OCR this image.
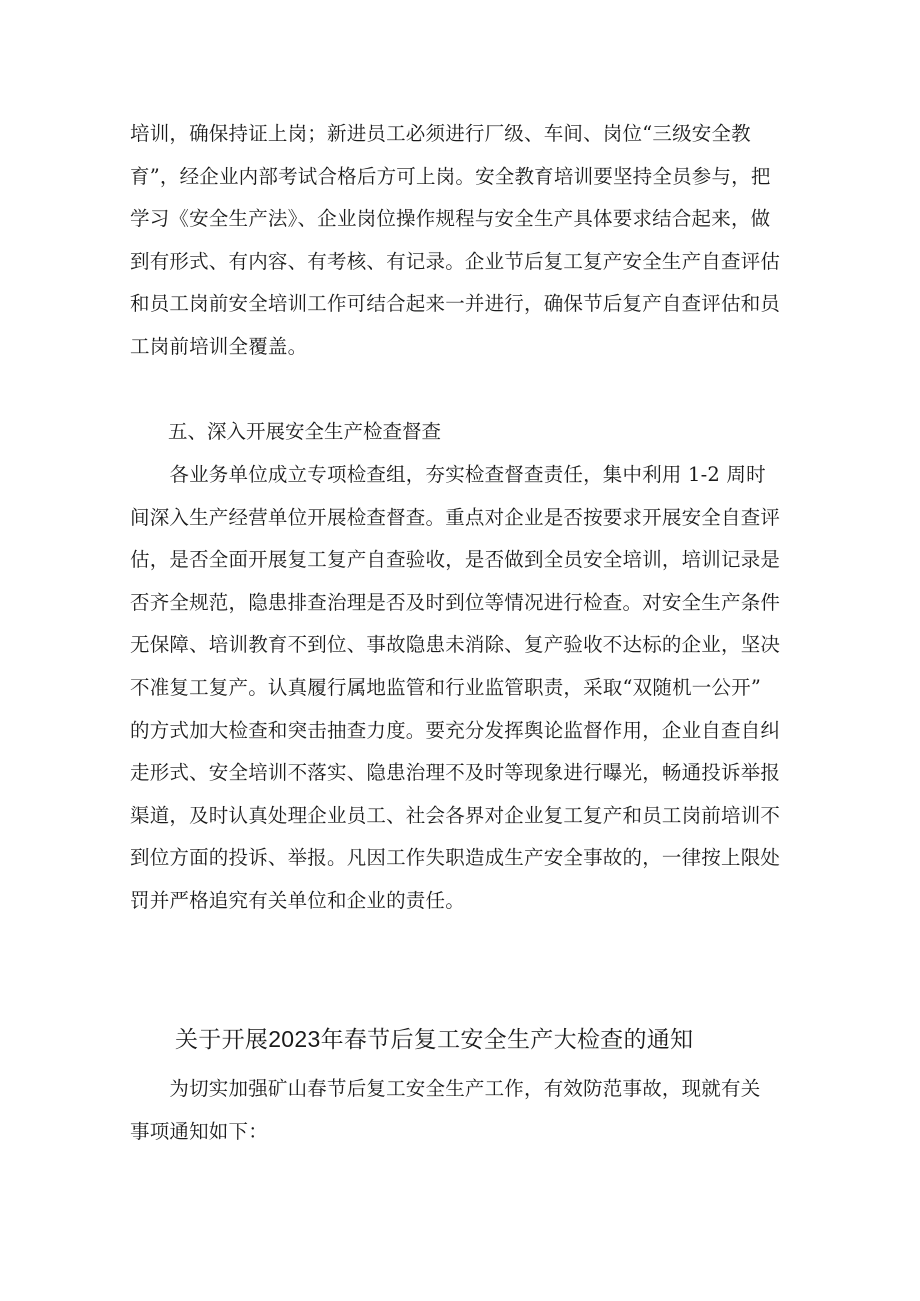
培训，确保持证上岗；新进员工必须进行厂级、车间、岗位“三级安全教
育”，经企业内部考试合格后方可上岗。安全教育培训要坚持全员参与，把
学习《安全生产法》、企业岗位操作规程与安全生产具体要求结合起来，做
到有形式、有内容、有考核、有记录。企业节后复工复产安全生产自查评估
和员工岗前安全培训工作可结合起来一并进行，确保节后复产自查评估和员
工岗前培训全覆盖。

五、深入开展安全生产检查督查

　　各业务单位成立专项检查组，夯实检查督查责任，集中利用 1-2 周时
间深入生产经营单位开展检查督查。重点对企业是否按要求开展安全自查评
估，是否全面开展复工复产自查验收，是否做到全员安全培训，培训记录是
否齐全规范，隐患排查治理是否及时到位等情况进行检查。对安全生产条件
无保障、培训教育不到位、事故隐患未消除、复产验收不达标的企业，坚决
不准复工复产。认真履行属地监管和行业监管职责，采取“双随机一公开”
的方式加大检查和突击抽查力度。要充分发挥舆论监督作用，企业自查自纠
走形式、安全培训不落实、隐患治理不及时等现象进行曝光，畅通投诉举报
渠道，及时认真处理企业员工、社会各界对企业复工复产和员工岗前培训不
到位方面的投诉、举报。凡因工作失职造成生产安全事故的，一律按上限处
罚并严格追究有关单位和企业的责任。

关于开展2023年春节后复工安全生产大检查的通知

　　为切实加强矿山春节后复工安全生产工作，有效防范事故，现就有关
事项通知如下：
